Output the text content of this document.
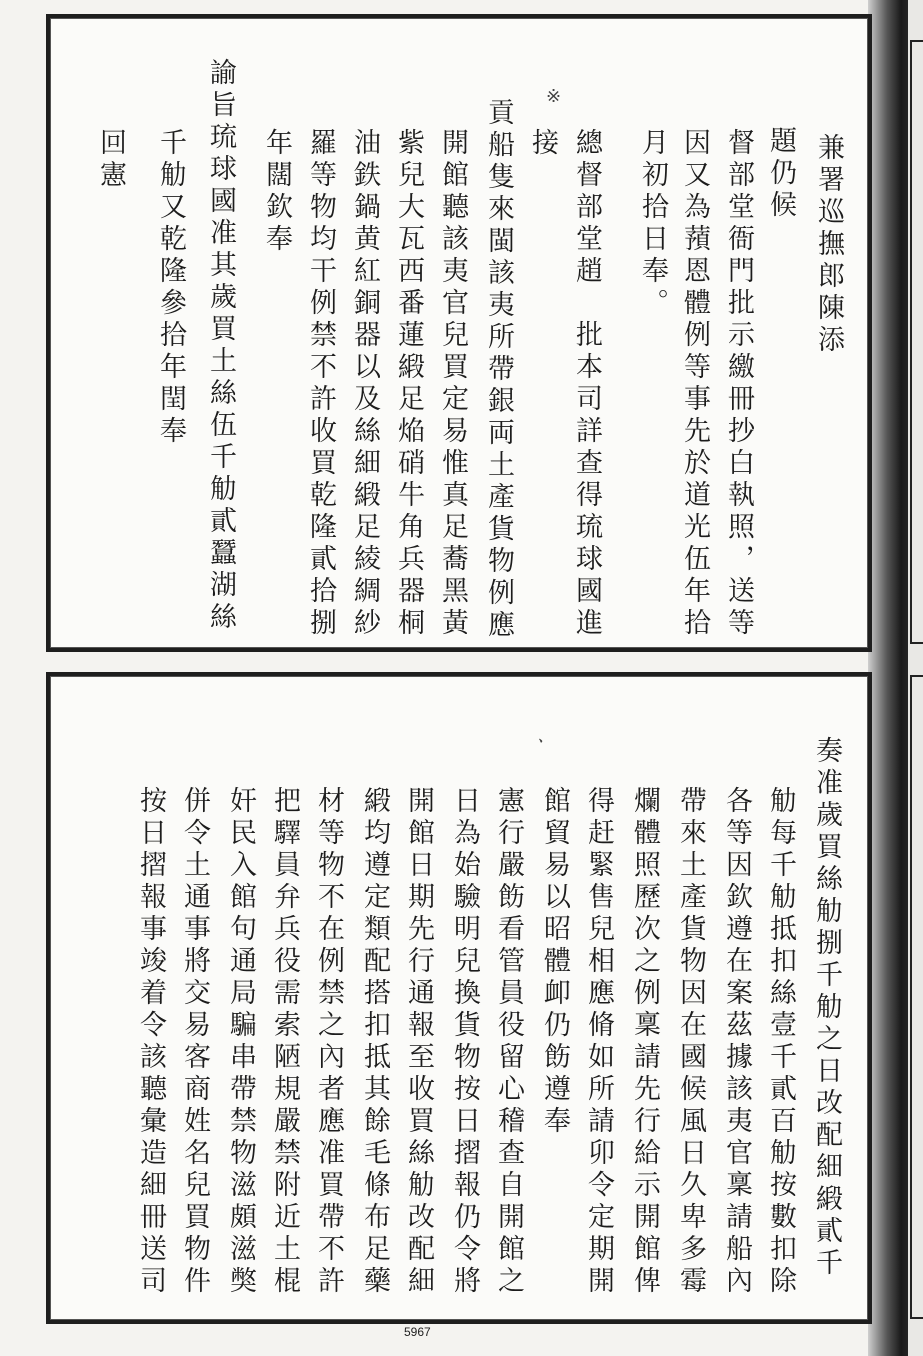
※
兼署巡撫郎陳添
題仍候
督部堂衙門批示繳冊抄白執照，送等
因又為蕷恩體例等事先於道光伍年拾
月初拾日奉。
總督部堂趙　批本司詳查得琉球國進
接
貢船隻來閩該夷所帶銀両土產貨物例應
開館聽該夷官兒買定易惟真足蕎黑黃
紫兒大瓦西番蓮緞足焔硝牛角兵器桐
油鉄鍋黄紅銅器以及絲細緞足綾綢紗
羅等物均干例禁不許收買乾隆貳拾捌
年闊欽奉
諭旨琉球國准其歲買土絲伍千觔貳蠶湖絲
千觔又乾隆參拾年閏奉
回憲
ㆍ	奏准歲買絲觔捌千觔之日改配細緞貳千
觔每千觔抵扣絲壹千貳百觔按數扣除
各等因欽遵在案茲據該夷官稟請船內
帶來土產貨物因在國候風日久卑多霉
爛體照歷次之例稟請先行給示開館俾
得赶緊售兒相應脩如所請卯令定期開
館貿易以昭體卹仍飭遵奉
憲行嚴飭看管員役留心稽查自開館之
日為始驗明兒換貨物按日摺報仍令將
開館日期先行通報至收買絲觔改配細
緞均遵定類配搭扣抵其餘毛條布足藥
材等物不在例禁之內者應准買帶不許
把驛員弁兵役需索陋規嚴禁附近土棍
奸民入館句通局騙串帶禁物滋頗滋獘
併令土通事將交易客商姓名兒買物件
按日摺報事竣着令該聽彙造細冊送司
5967
